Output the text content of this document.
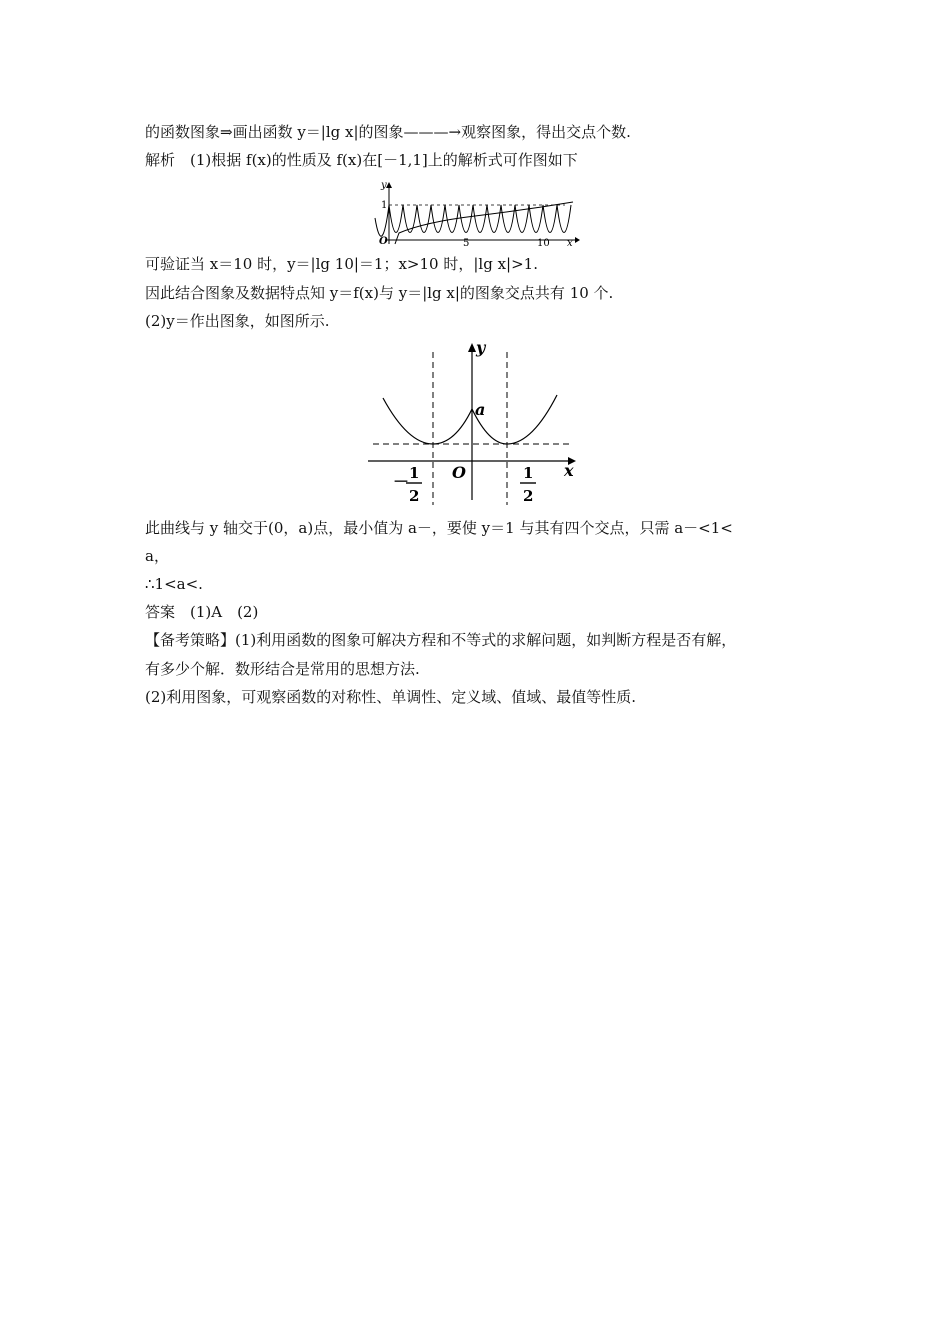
的函数图象⇒画出函数 y＝|lg x|的图象———→观察图象，得出交点个数.
解析　(1)根据 f(x)的性质及 f(x)在[－1,1]上的解析式可作图如下
y
x
O
1
5	10
可验证当 x＝10 时，y＝|lg 10|＝1；x>10 时，|lg x|>1.
因此结合图象及数据特点知 y＝f(x)与 y＝|lg x|的图象交点共有 10 个.
(2)y＝作出图象，如图所示.
y
x
O
a
－ 1
2
1
2
此曲线与 y 轴交于(0，a)点，最小值为 a－，要使 y＝1 与其有四个交点，只需 a－<1<
a，
∴1<a<.
答案　(1)A　(2)
【备考策略】(1)利用函数的图象可解决方程和不等式的求解问题，如判断方程是否有解，
有多少个解．数形结合是常用的思想方法.
(2)利用图象，可观察函数的对称性、单调性、定义域、值域、最值等性质.
